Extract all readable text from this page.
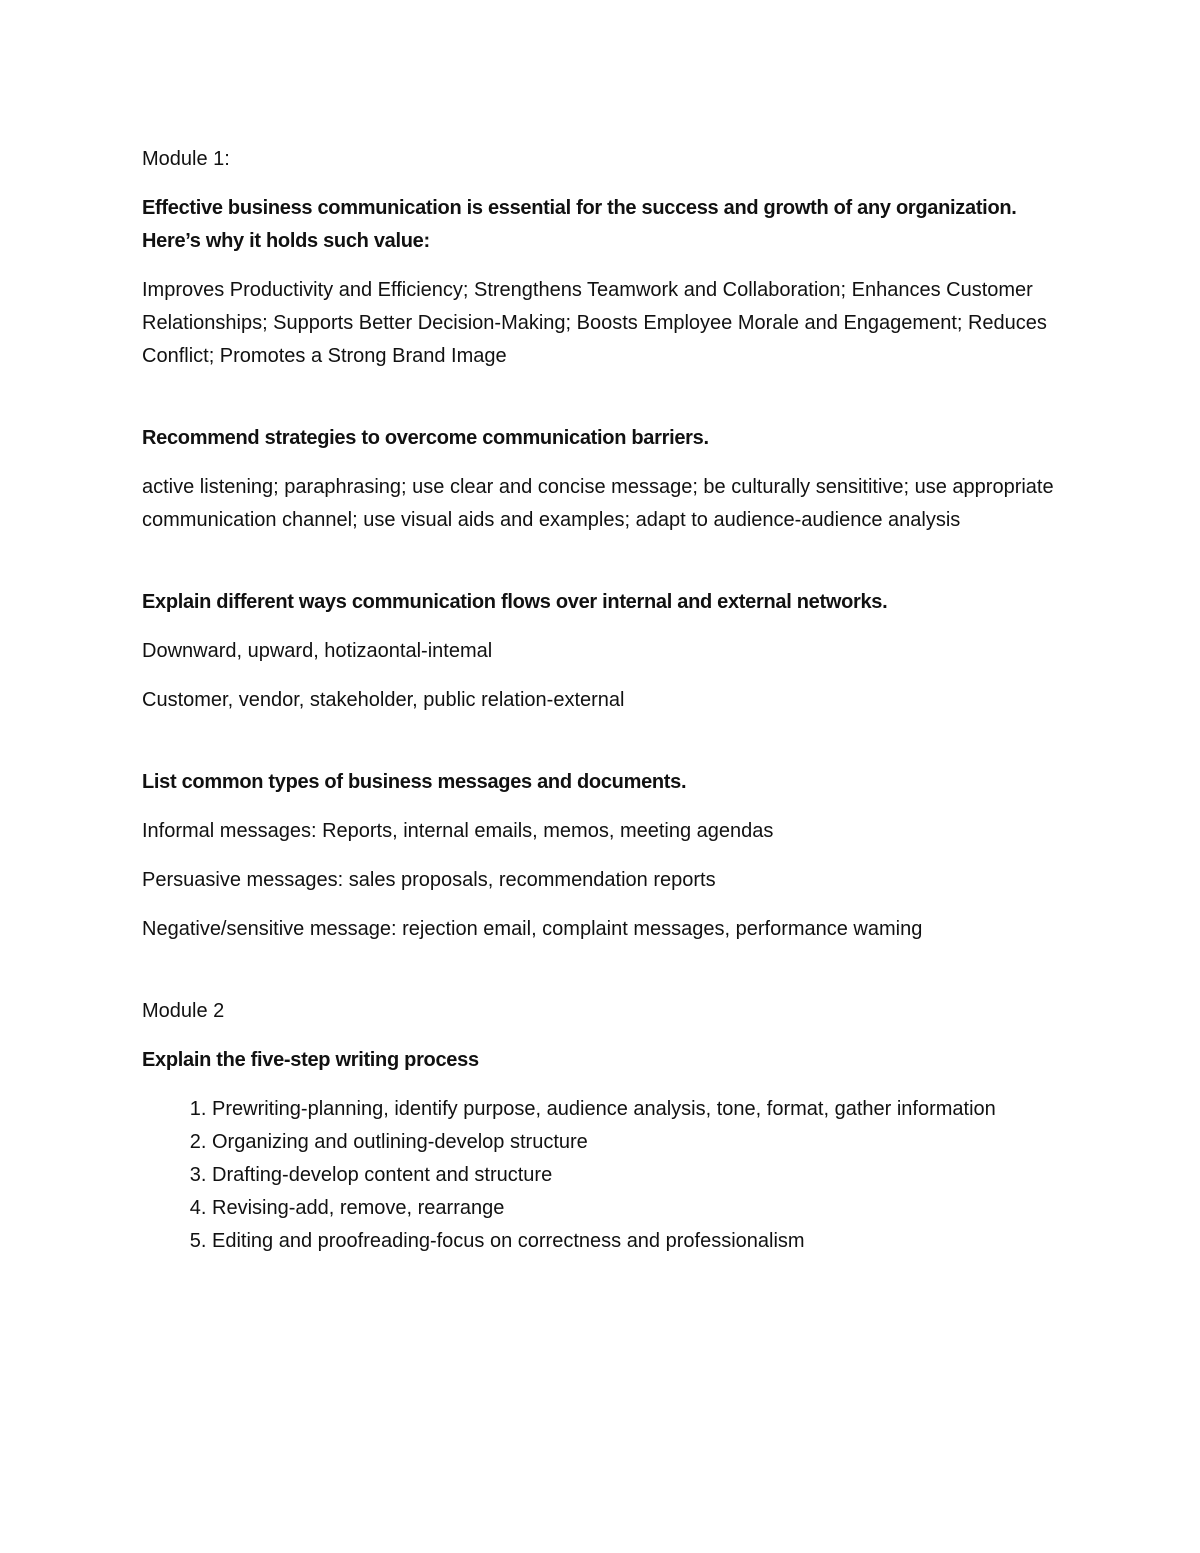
Module 1:

Effective business communication is essential for the success and growth of any organization. Here’s why it holds such value:

Improves Productivity and Efficiency; Strengthens Teamwork and Collaboration; Enhances Customer Relationships; Supports Better Decision-Making; Boosts Employee Morale and Engagement; Reduces Conflict; Promotes a Strong Brand Image

Recommend strategies to overcome communication barriers.

active listening; paraphrasing; use clear and concise message; be culturally sensititive; use appropriate communication channel; use visual aids and examples; adapt to audience-audience analysis

Explain different ways communication flows over internal and external networks.

Downward, upward, hotizaontal-intemal

Customer, vendor, stakeholder, public relation-external

List common types of business messages and documents.

Informal messages: Reports, internal emails, memos, meeting agendas

Persuasive messages: sales proposals, recommendation reports

Negative/sensitive message: rejection email, complaint messages, performance waming

Module 2

Explain the five-step writing process

1. Prewriting-planning, identify purpose, audience analysis, tone, format, gather information
2. Organizing and outlining-develop structure
3. Drafting-develop content and structure
4. Revising-add, remove, rearrange
5. Editing and proofreading-focus on correctness and professionalism
